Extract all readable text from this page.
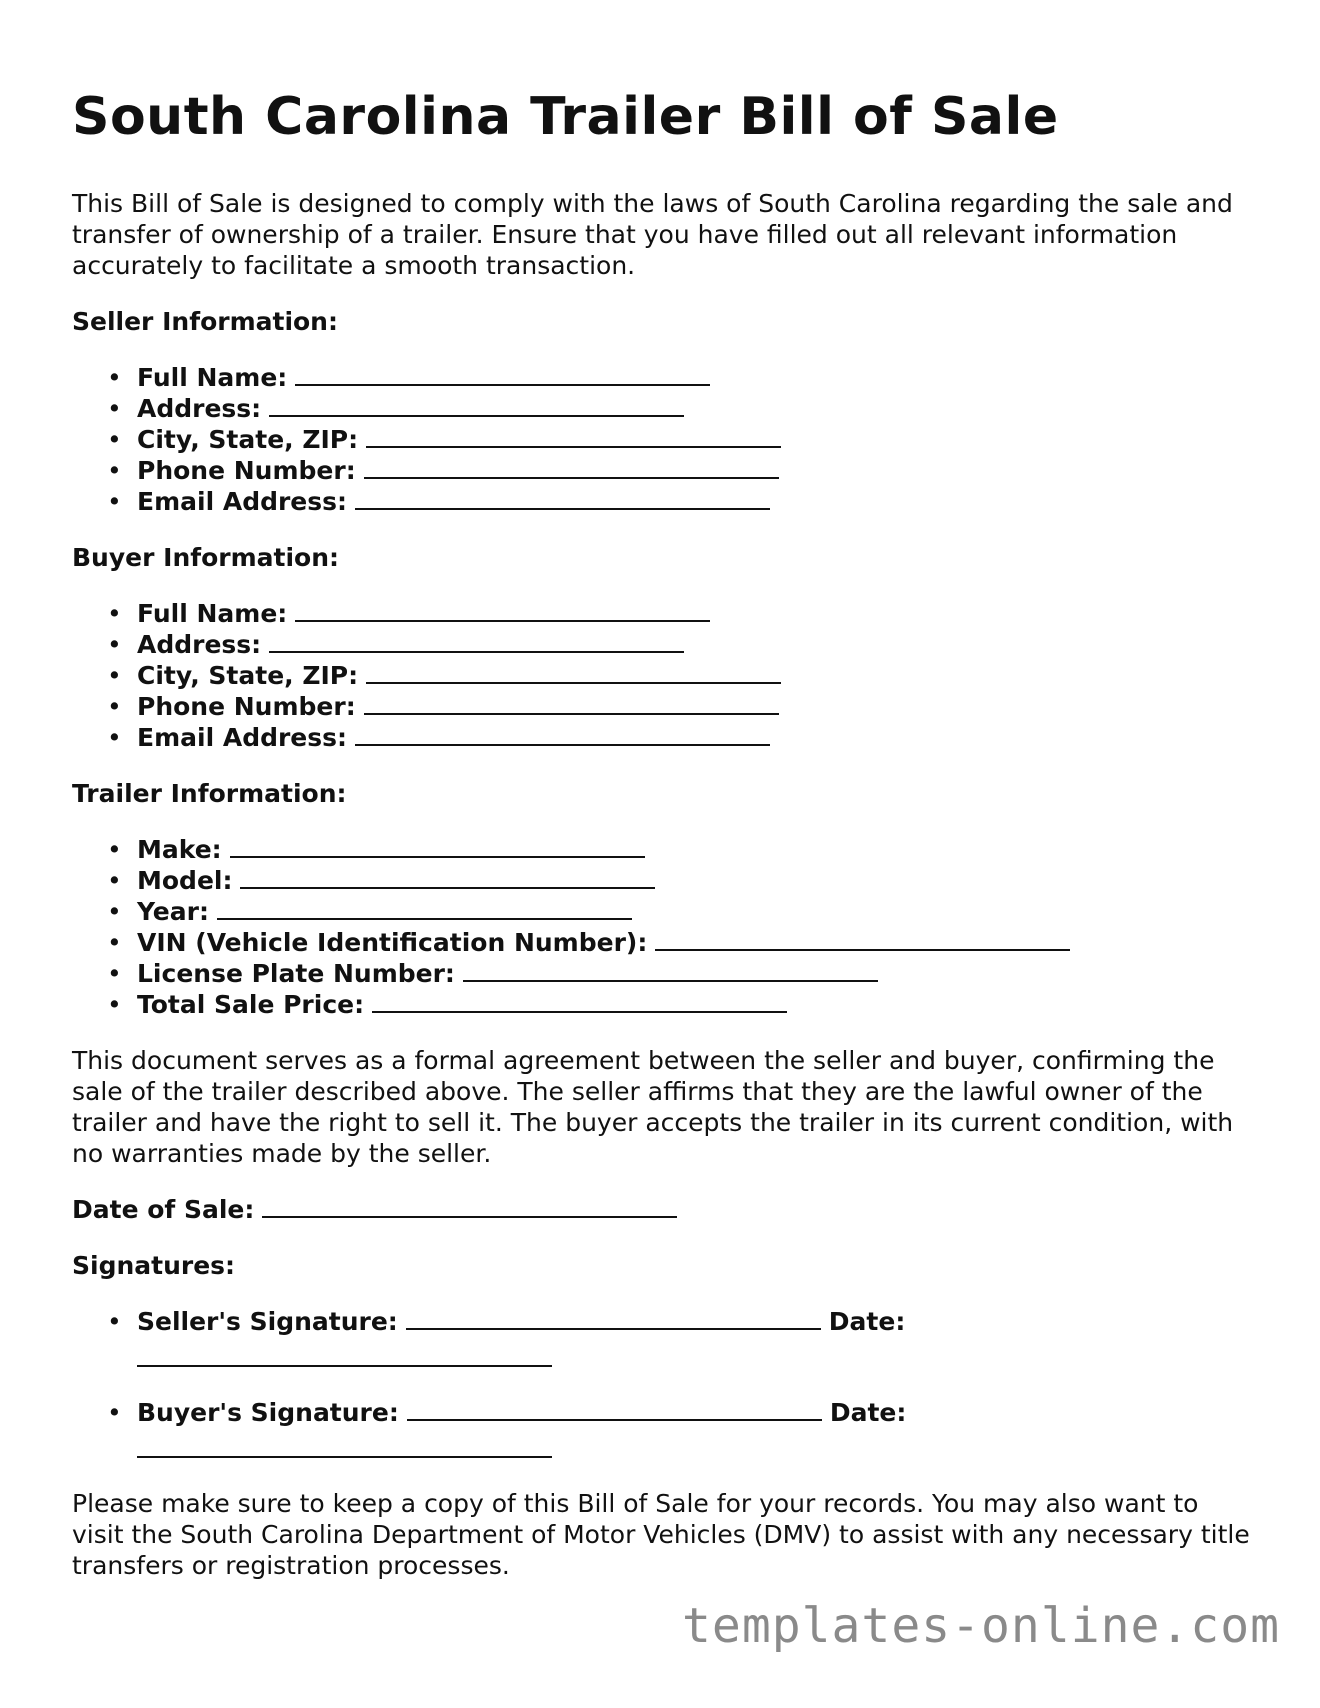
South Carolina Trailer Bill of Sale

This Bill of Sale is designed to comply with the laws of South Carolina regarding the sale and transfer of ownership of a trailer. Ensure that you have filled out all relevant information accurately to facilitate a smooth transaction.

Seller Information:
• Full Name:
• Address:
• City, State, ZIP:
• Phone Number:
• Email Address:
Buyer Information:
• Full Name:
• Address:
• City, State, ZIP:
• Phone Number:
• Email Address:
Trailer Information:
• Make:
• Model:
• Year:
• VIN (Vehicle Identification Number):
• License Plate Number:
• Total Sale Price:

This document serves as a formal agreement between the seller and buyer, confirming the sale of the trailer described above. The seller affirms that they are the lawful owner of the trailer and have the right to sell it. The buyer accepts the trailer in its current condition, with no warranties made by the seller.

Date of Sale:
Signatures:
• Seller's Signature:	Date:
• Buyer's Signature:	Date:

Please make sure to keep a copy of this Bill of Sale for your records. You may also want to visit the South Carolina Department of Motor Vehicles (DMV) to assist with any necessary title transfers or registration processes.

templates-online.com
